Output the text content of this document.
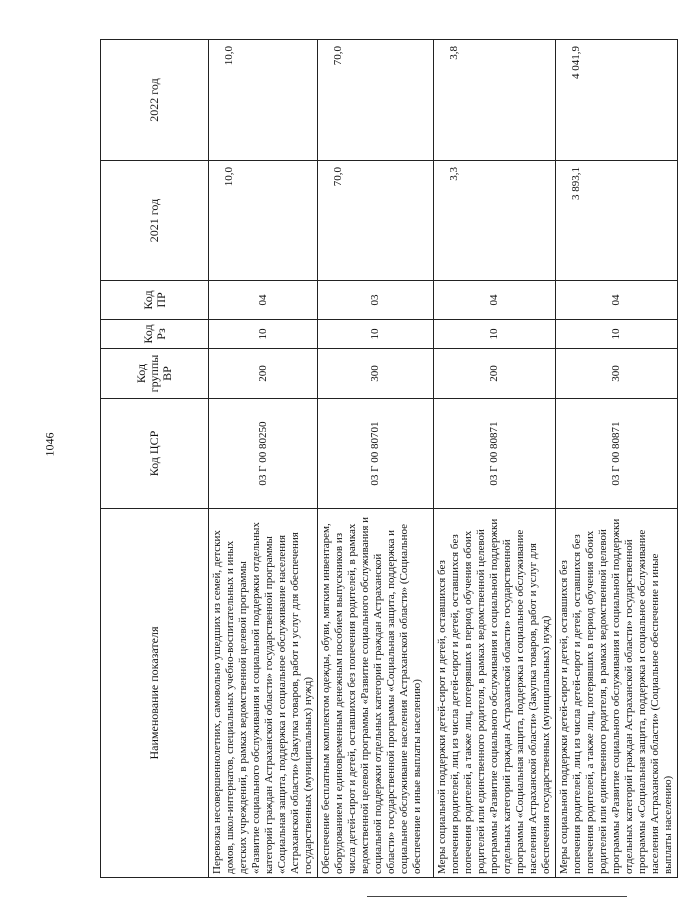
1046
Наименование показателя	Код ЦСР	Код группы ВР	Код Рз	Код ПР	2021 год	2022 год
Перевозка несовершеннолетних, самовольно ушедших из семей, детских домов, школ-интернатов, специальных учебно-воспитательных и иных детских учреждений, в рамках ведомственной целевой программы «Развитие социального обслуживания и социальной поддержки отдельных категорий граждан Астраханской области» государственной программы «Социальная защита, поддержка и социальное обслуживание населения Астраханской области» (Закупка товаров, работ и услуг для обеспечения государственных (муниципальных) нужд)	03 Г 00 80250	200	10	04	10,0	10,0
Обеспечение бесплатным комплектом одежды, обуви, мягким инвентарем, оборудованием и единовременным денежным пособием выпускников из числа детей-сирот и детей, оставшихся без попечения родителей, в рамках ведомственной целевой программы «Развитие социального обслуживания и социальной поддержки отдельных категорий граждан Астраханской области» государственной программы «Социальная защита, поддержка и социальное обслуживание населения Астраханской области» (Социальное обеспечение и иные выплаты населению)	03 Г 00 80701	300	10	03	70,0	70,0
Меры социальной поддержки детей-сирот и детей, оставшихся без попечения родителей, лиц из числа детей-сирот и детей, оставшихся без попечения родителей, а также лиц, потерявших в период обучения обоих родителей или единственного родителя, в рамках ведомственной целевой программы «Развитие социального обслуживания и социальной поддержки отдельных категорий граждан Астраханской области» государственной программы «Социальная защита, поддержка и социальное обслуживание населения Астраханской области» (Закупка товаров, работ и услуг для обеспечения государственных (муниципальных) нужд)	03 Г 00 80871	200	10	04	3,3	3,8
Меры социальной поддержки детей-сирот и детей, оставшихся без попечения родителей, лиц из числа детей-сирот и детей, оставшихся без попечения родителей, а также лиц, потерявших в период обучения обоих родителей или единственного родителя, в рамках ведомственной целевой программы «Развитие социального обслуживания и социальной поддержки отдельных категорий граждан Астраханской области» государственной программы «Социальная защита, поддержка и социальное обслуживание населения Астраханской области» (Социальное обеспечение и иные выплаты населению)	03 Г 00 80871	300	10	04	3 893,1	4 041,9
